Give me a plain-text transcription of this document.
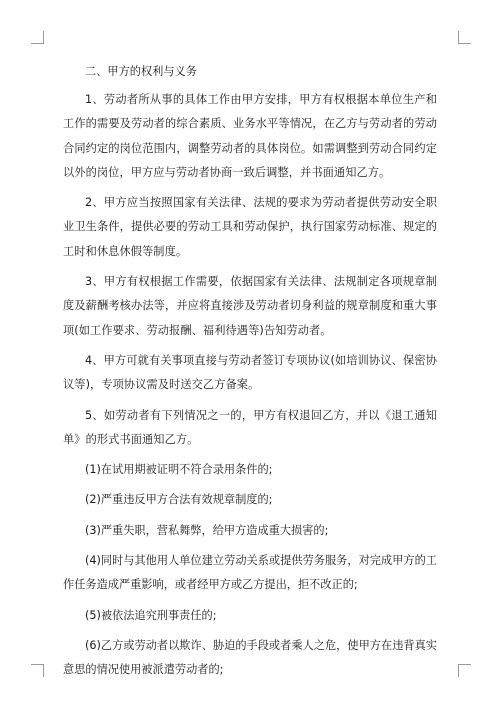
二、甲方的权利与义务

1、劳动者所从事的具体工作由甲方安排，甲方有权根据本单位生产和工作的需要及劳动者的综合素质、业务水平等情况，在乙方与劳动者的劳动合同约定的岗位范围内，调整劳动者的具体岗位。如需调整到劳动合同约定以外的岗位，甲方应与劳动者协商一致后调整，并书面通知乙方。

2、甲方应当按照国家有关法律、法规的要求为劳动者提供劳动安全职业卫生条件，提供必要的劳动工具和劳动保护，执行国家劳动标准、规定的工时和休息休假等制度。

3、甲方有权根据工作需要，依据国家有关法律、法规制定各项规章制度及薪酬考核办法等，并应将直接涉及劳动者切身利益的规章制度和重大事项(如工作要求、劳动报酬、福利待遇等)告知劳动者。

4、甲方可就有关事项直接与劳动者签订专项协议(如培训协议、保密协议等)，专项协议需及时送交乙方备案。

5、如劳动者有下列情况之一的，甲方有权退回乙方，并以《退工通知单》的形式书面通知乙方。

(1)在试用期被证明不符合录用条件的;

(2)严重违反甲方合法有效规章制度的;

(3)严重失职，营私舞弊，给甲方造成重大损害的;

(4)同时与其他用人单位建立劳动关系或提供劳务服务，对完成甲方的工作任务造成严重影响，或者经甲方或乙方提出，拒不改正的;

(5)被依法追究刑事责任的;

(6)乙方或劳动者以欺诈、胁迫的手段或者乘人之危，使甲方在违背真实意思的情况使用被派遣劳动者的;
